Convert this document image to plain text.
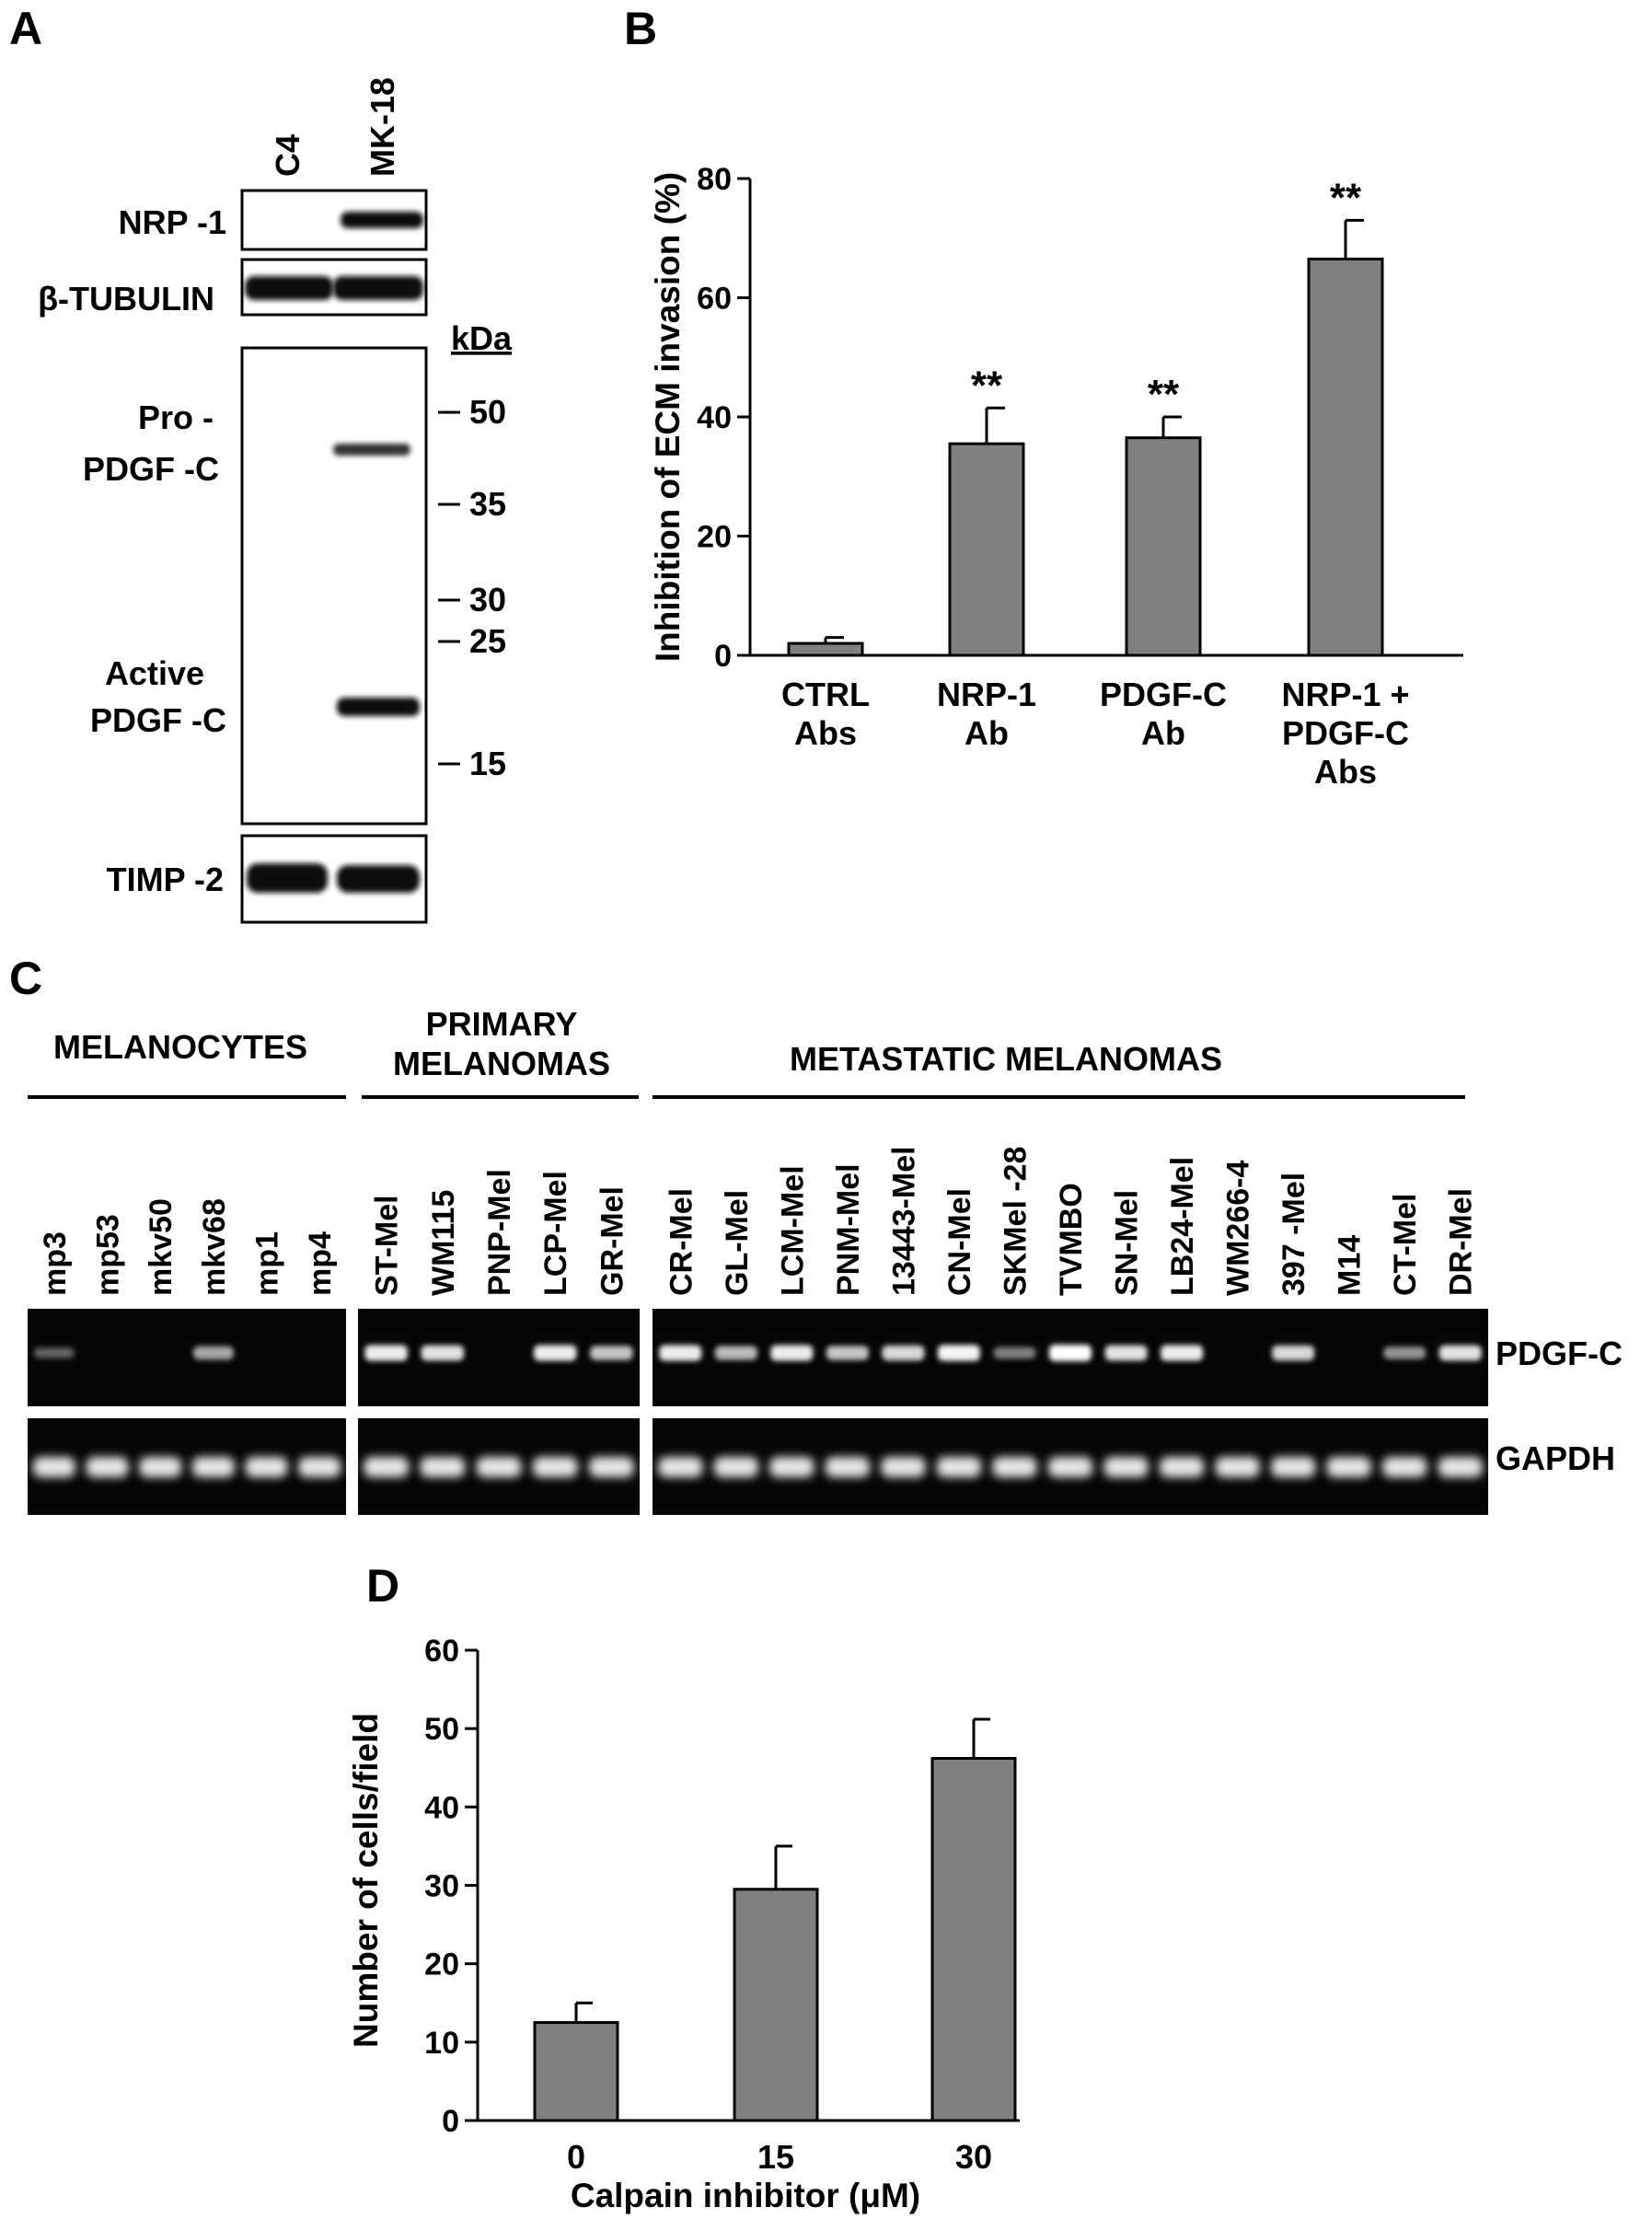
A
C4 MK-18
NRP -1
β-TUBULIN
Pro -
PDGF -C
Active
PDGF -C
kDa
50
35
30
25
15
TIMP -2
B
0
20
40
60
80
CTRL
Abs
**
NRP-1
Ab
**
PDGF-C
Ab
**
NRP-1 +
PDGF-C
Abs
Inhibition of ECM invasion (%)
C
MELANOCYTES
PRIMARY
MELANOMAS	METASTATIC MELANOMAS
mp3 mp53 mkv50 mkv68 mp1 mp4 ST-Mel WM115 PNP-Mel LCP-Mel GR-Mel CR-Mel GL-Mel LCM-Mel PNM-Mel 13443-Mel CN-Mel SKMel -28 TVMBO SN-Mel LB24-Mel WM266-4 397 -Mel M14 CT-Mel DR-Mel
PDGF-C
GAPDH
D
0
10
20
30
40
50
60
0	15	30
Number of cells/field
Calpain inhibitor (μM)
